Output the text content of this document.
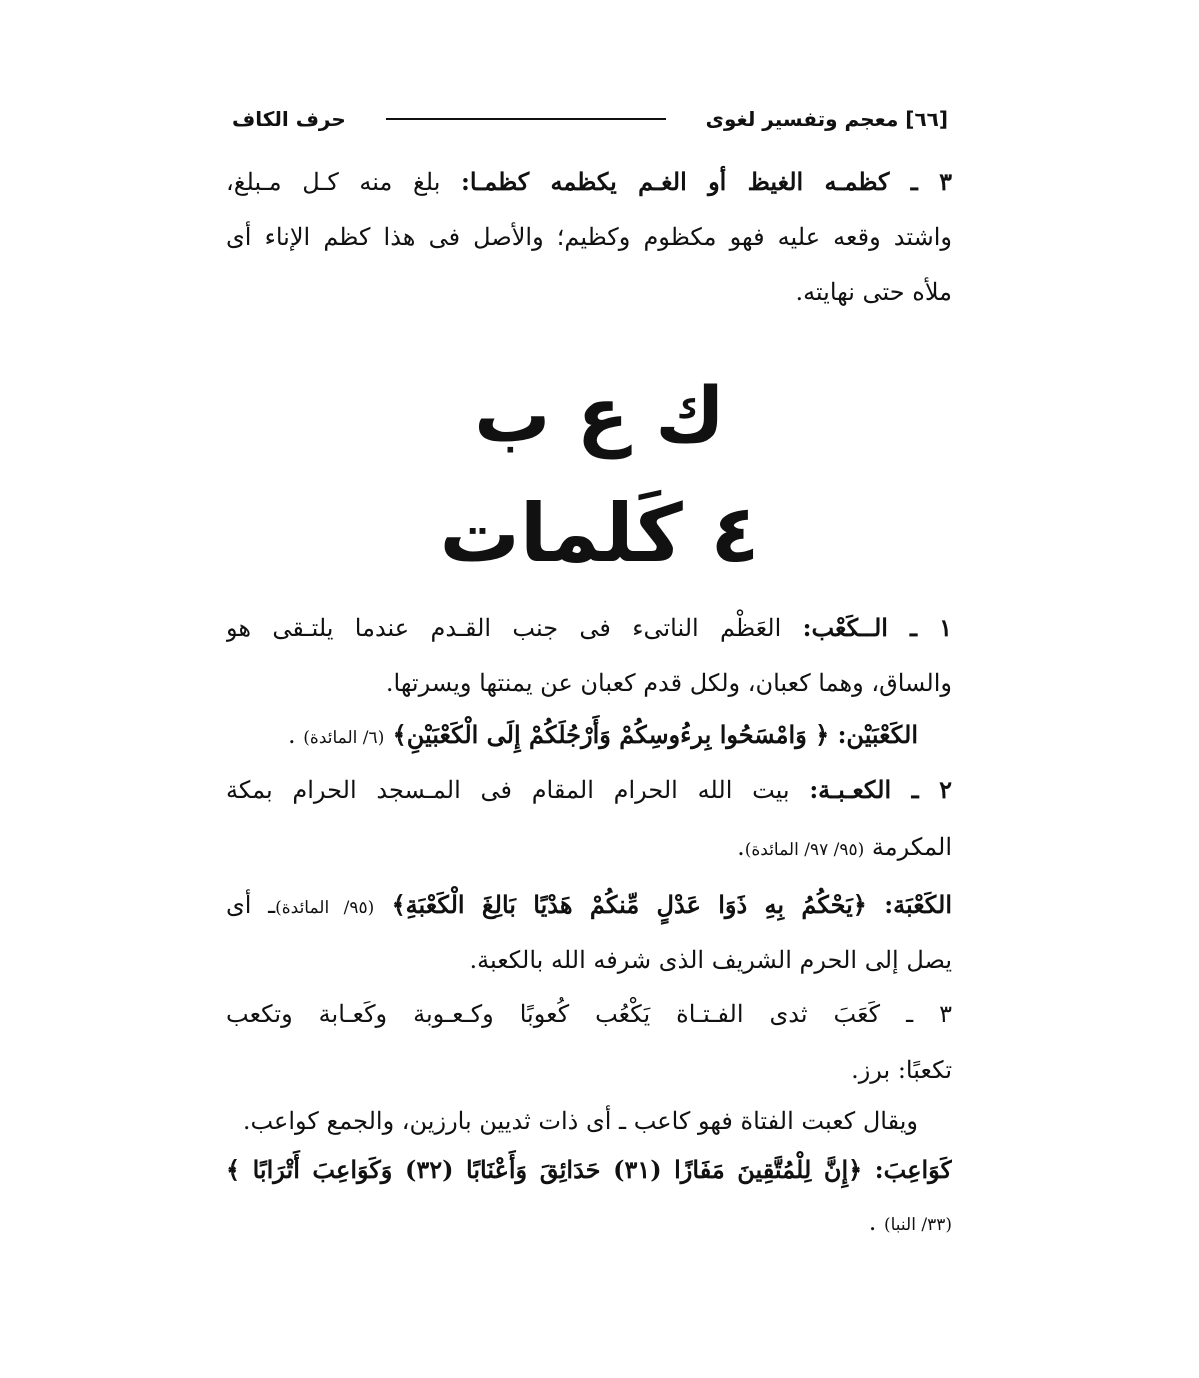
[٦٦] معجم وتفسير لغوى
حرف الكاف
٣ ـ كظمـه الغيظ أو الغـم يكظمه كظمـا: بلغ منه كـل مـبلغ،
واشتد وقعه عليه فهو مكظوم وكظيم؛ والأصل فى هذا كظم الإناء أى
ملأه حتى نهايته.
ك ع ب
٤ كَلمات
١ ـ الــكَعْب: العَظْم الناتىء فى جنب القـدم عندما يلتـقى هو
والساق، وهما كعبان، ولكل قدم كعبان عن يمنتها ويسرتها.
الكَعْبَيْن: ﴿ وَامْسَحُوا بِرءُوسِكُمْ وَأَرْجُلَكُمْ إِلَى الْكَعْبَيْنِ﴾ (٦/ المائدة) .
٢ ـ الكعـبـة: بيت الله الحرام المقام فى المـسجد الحرام بمكة
المكرمة (٩٥/ ٩٧/ المائدة).
الكَعْبَة: ﴿يَحْكُمُ بِهِ ذَوَا عَدْلٍ مِّنكُمْ هَدْيًا بَالِغَ الْكَعْبَةِ﴾ (٩٥/ المائدة)ـ أى
يصل إلى الحرم الشريف الذى شرفه الله بالكعبة.
٣ ـ كَعَبَ ثدى الفـتـاة يَكْعُب كُعوبًا وكـعـوبة وكَعـابة وتكعب
تكعبًا: برز.
ويقال كعبت الفتاة فهو كاعب ـ أى ذات ثديين بارزين، والجمع كواعب.
كَوَاعِبَ: ﴿إِنَّ لِلْمُتَّقِينَ مَفَازًا (٣١) حَدَائِقَ وَأَعْنَابًا (٣٢) وَكَوَاعِبَ أَتْرَابًا ﴾
(٣٣/ النبا) .
